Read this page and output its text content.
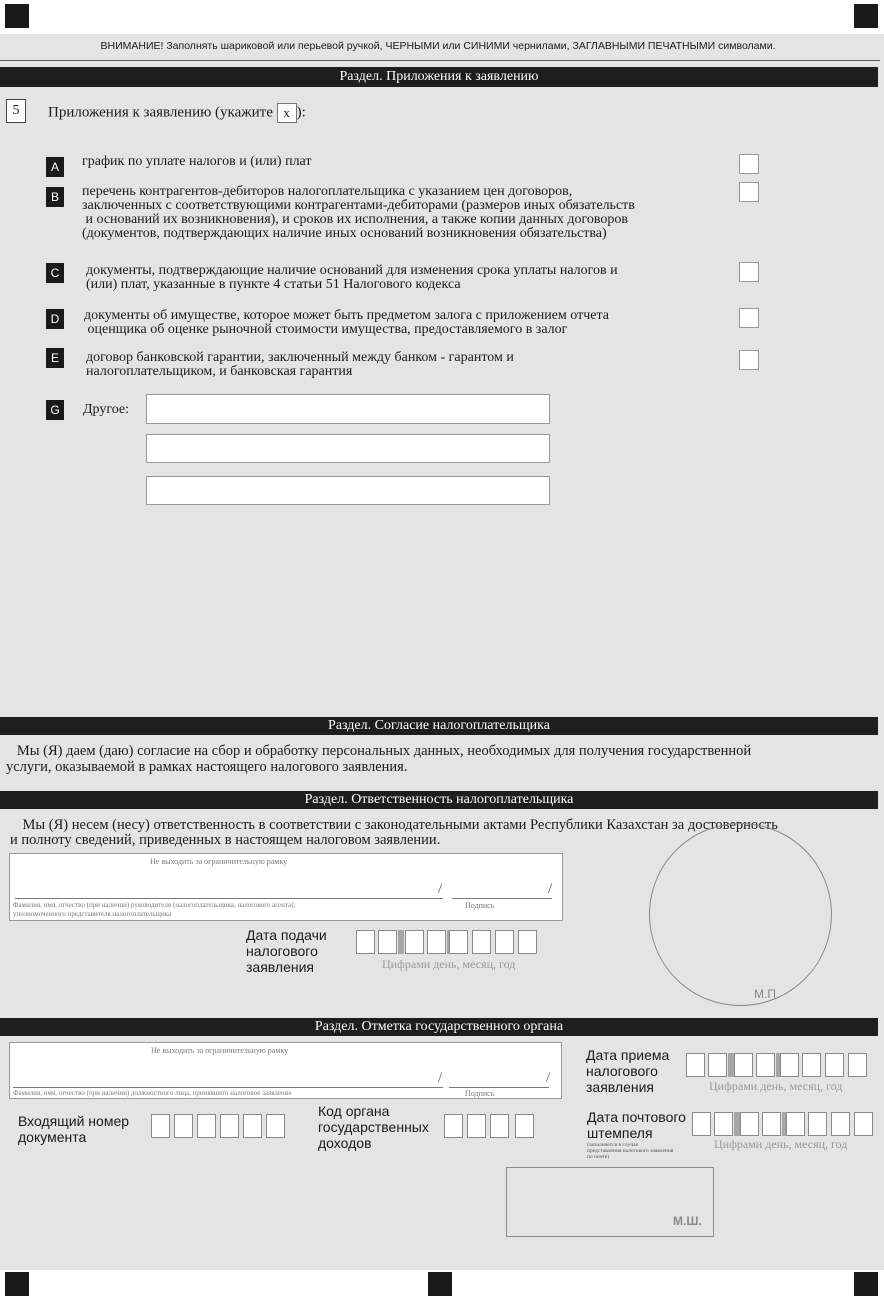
ВНИМАНИЕ! Заполнять шариковой или перьевой ручкой, ЧЕРНЫМИ или СИНИМИ чернилами, ЗАГЛАВНЫМИ ПЕЧАТНЫМИ символами.
Раздел. Приложения к заявлению
5	Приложения к заявлению (укажите x ):
A	график по уплате налогов и (или) плат
B	перечень контрагентов-дебиторов налогоплательщика с указанием цен договоров,
заключенных с соответствующими контрагентами-дебиторами (размеров иных обязательств
и оснований их возникновения), и сроков их исполнения, а также копии данных договоров
(документов, подтверждающих наличие иных оснований возникновения обязательства)
C	документы, подтверждающие наличие оснований для изменения срока уплаты налогов и
(или) плат, указанные в пункте 4 статьи 51 Налогового кодекса
D	документы об имуществе, которое может быть предметом залога с приложением отчета
оценщика об оценке рыночной стоимости имущества, предоставляемого в залог
E	договор банковской гарантии, заключенный между банком - гарантом и
налогоплательщиком, и банковская гарантия
G	Другое:
Раздел. Согласие налогоплательщика
Мы (Я) даем (даю) согласие на сбор и обработку персональных данных, необходимых для получения государственной
услуги, оказываемой в рамках настоящего налогового заявления.
Раздел. Ответственность налогоплательщика
Мы (Я) несем (несу) ответственность в соответствии с законодательными актами Республики Казахстан за достоверность
и полноту сведений, приведенных в настоящем налоговом заявлении.
Не выходить за ограничительную рамку
/	/
Подпись
Фамилия, имя, отчество (при наличии) руководителя (налогоплательщика, налогового агента),
уполномоченного представителя налогоплательщика
Дата подачи
налогового
заявления	Цифрами день, месяц, год
М.П.
Раздел. Отметка государственного органа
Не выходить за ограничительную рамку
/	/
Подпись
Фамилия, имя, отчество (при наличии) должностного лица, принявшего налоговое заявление
Дата приема
налогового
заявления	Цифрами день, месяц, год
Входящий номер
документа
Код органа
государственных
доходов
Дата почтового
штемпеля
(заполняется в случае
представления налогового заявления
по почте)
Цифрами день, месяц, год
М.Ш.
